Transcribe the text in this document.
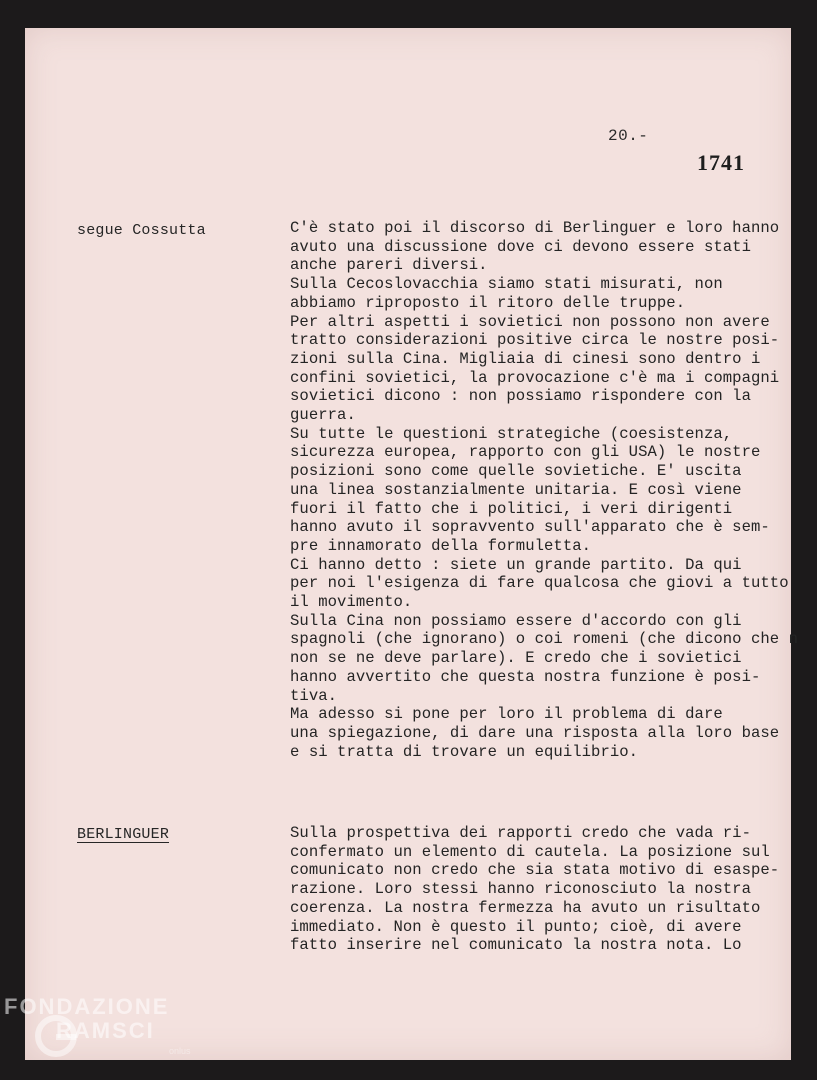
20.-
1741
segue Cossutta	C'è stato poi il discorso di Berlinguer e loro hanno
avuto una discussione dove ci devono essere stati
anche pareri diversi.
Sulla Cecoslovacchia siamo stati misurati, non
abbiamo riproposto il ritoro delle truppe.
Per altri aspetti i sovietici non possono non avere
tratto considerazioni positive circa le nostre posi-
zioni sulla Cina. Migliaia di cinesi sono dentro i
confini sovietici, la provocazione c'è ma i compagni
sovietici dicono : non possiamo rispondere con la
guerra.
Su tutte le questioni strategiche (coesistenza,
sicurezza europea, rapporto con gli USA) le nostre
posizioni sono come quelle sovietiche. E' uscita
una linea sostanzialmente unitaria. E così viene
fuori il fatto che i politici, i veri dirigenti
hanno avuto il sopravvento sull'apparato che è sem-
pre innamorato della formuletta.
Ci hanno detto : siete un grande partito. Da qui
per noi l'esigenza di fare qualcosa che giovi a tutto
il movimento.
Sulla Cina non possiamo essere d'accordo con gli
spagnoli (che ignorano) o coi romeni (che dicono che n
non se ne deve parlare). E credo che i sovietici
hanno avvertito che questa nostra funzione è posi-
tiva.
Ma adesso si pone per loro il problema di dare
una spiegazione, di dare una risposta alla loro base
e si tratta di trovare un equilibrio.
BERLINGUER	Sulla prospettiva dei rapporti credo che vada ri-
confermato un elemento di cautela. La posizione sul
comunicato non credo che sia stata motivo di esaspe-
razione. Loro stessi hanno riconosciuto la nostra
coerenza. La nostra fermezza ha avuto un risultato
immediato. Non è questo il punto; cioè, di avere
fatto inserire nel comunicato la nostra nota. Lo
FONDAZIONE
RAMSCI
onlus
